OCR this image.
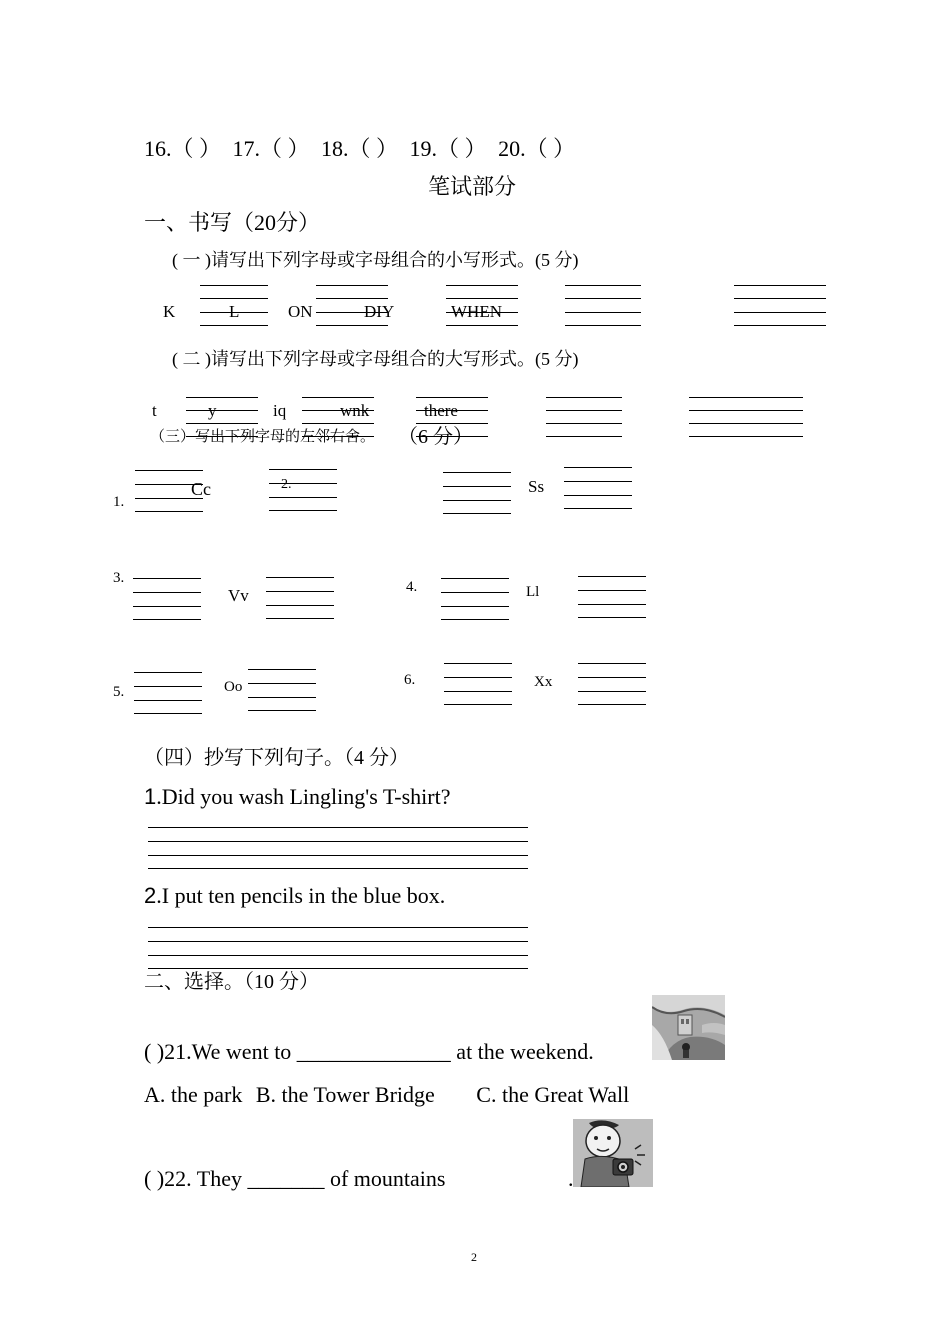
16.（ ） 17.（ ） 18.（ ） 19.（ ） 20.（ ）
笔试部分
一、书写（20分）
( 一 )请写出下列字母或字母组合的小写形式。(5 分)
K	L	ON	DIY	WHEN
( 二 )请写出下列字母或字母组合的大写形式。(5 分)
t	y	iq	wnk	there
（三）写出下列字母的左邻右舍。 （6 分）
1.
Cc	2.	Ss
3.
Vv	4.	Ll
5.	Oo	6.	Xx
（四）抄写下列句子。（4 分）
1.Did you wash Lingling's T-shirt?
2.I put ten pencils in the blue box.
二、选择。（10 分）
( )21.We went to ______________ at the weekend.
A. the park B. the Tower Bridge C. the Great Wall
( )22. They _______ of mountains	.
2
